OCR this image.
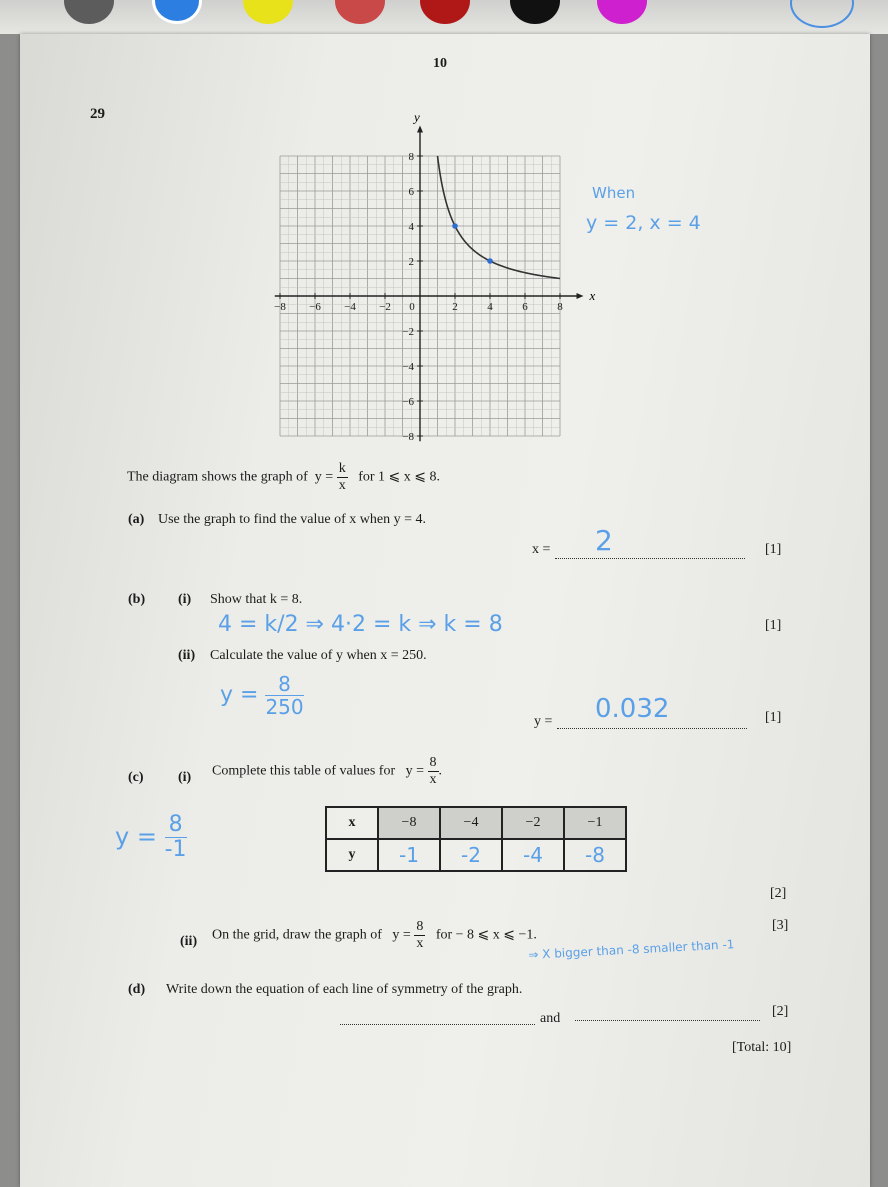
10
29
−8 −6 −4 −2 0	2	4	6	8
8
6
4
2
−2
−4
−6
−8
x
y
When
y = 2, x = 4
The diagram shows the graph of $y = \frac{k}{x}$ for 1 ⩽ x ⩽ 8.
(a) Use the graph to find the value of x when y = 4.
x = 2	[1]
(b) (i) Show that k = 8.
4 = k/2 ⇒ 4·2 = k ⇒ k = 8	[1]
(ii) Calculate the value of y when x = 250.
$y = \frac{8}{250}$
y = 0.032	[1]
(c) (i) Complete this table of values for $y = \frac{8}{x}$ .
$y = \frac{8}{-1}$	x	−8	−4	−2	−1
y	-1	-2	-4	-8
[2]
(ii) On the grid, draw the graph of $y = \frac{8}{x}$ for − 8 ⩽ x ⩽ −1.
[3]
⇒ X bigger than -8 smaller than -1
(d) Write down the equation of each line of symmetry of the graph.
and	[2]
[Total: 10]
